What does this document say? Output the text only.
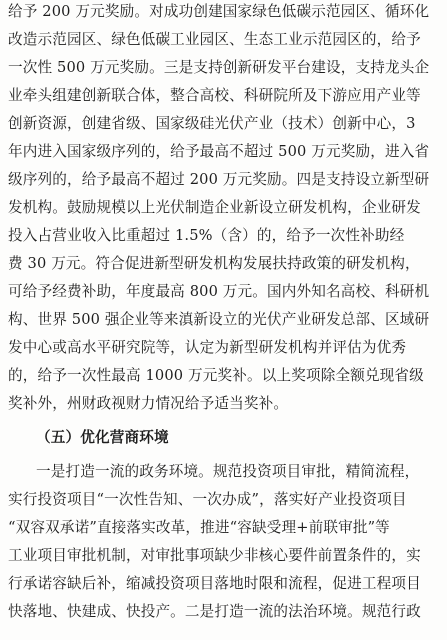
给予 200 万元奖励。对成功创建国家绿色低碳示范园区、循环化
改造示范园区、绿色低碳工业园区、生态工业示范园区的，给予
一次性 500 万元奖励。三是支持创新研发平台建设，支持龙头企
业牵头组建创新联合体，整合高校、科研院所及下游应用产业等
创新资源，创建省级、国家级硅光伏产业（技术）创新中心，3
年内进入国家级序列的，给予最高不超过 500 万元奖励，进入省
级序列的，给予最高不超过 200 万元奖励。四是支持设立新型研
发机构。鼓励规模以上光伏制造企业新设立研发机构，企业研发
投入占营业收入比重超过 1.5%（含）的，给予一次性补助经
费 30 万元。符合促进新型研发机构发展扶持政策的研发机构，
可给予经费补助，年度最高 800 万元。国内外知名高校、科研机
构、世界 500 强企业等来滇新设立的光伏产业研发总部、区域研
发中心或高水平研究院等，认定为新型研发机构并评估为优秀
的，给予一次性最高 1000 万元奖补。以上奖项除全额兑现省级
奖补外，州财政视财力情况给予适当奖补。
（五）优化营商环境
一是打造一流的政务环境。规范投资项目审批，精简流程，
实行投资项目“一次性告知、一次办成”，落实好产业投资项目
“双容双承诺”直接落实改革，推进“容缺受理+前联审批”等
工业项目审批机制，对审批事项缺少非核心要件前置条件的，实
行承诺容缺后补，缩减投资项目落地时限和流程，促进工程项目
快落地、快建成、快投产。二是打造一流的法治环境。规范行政
